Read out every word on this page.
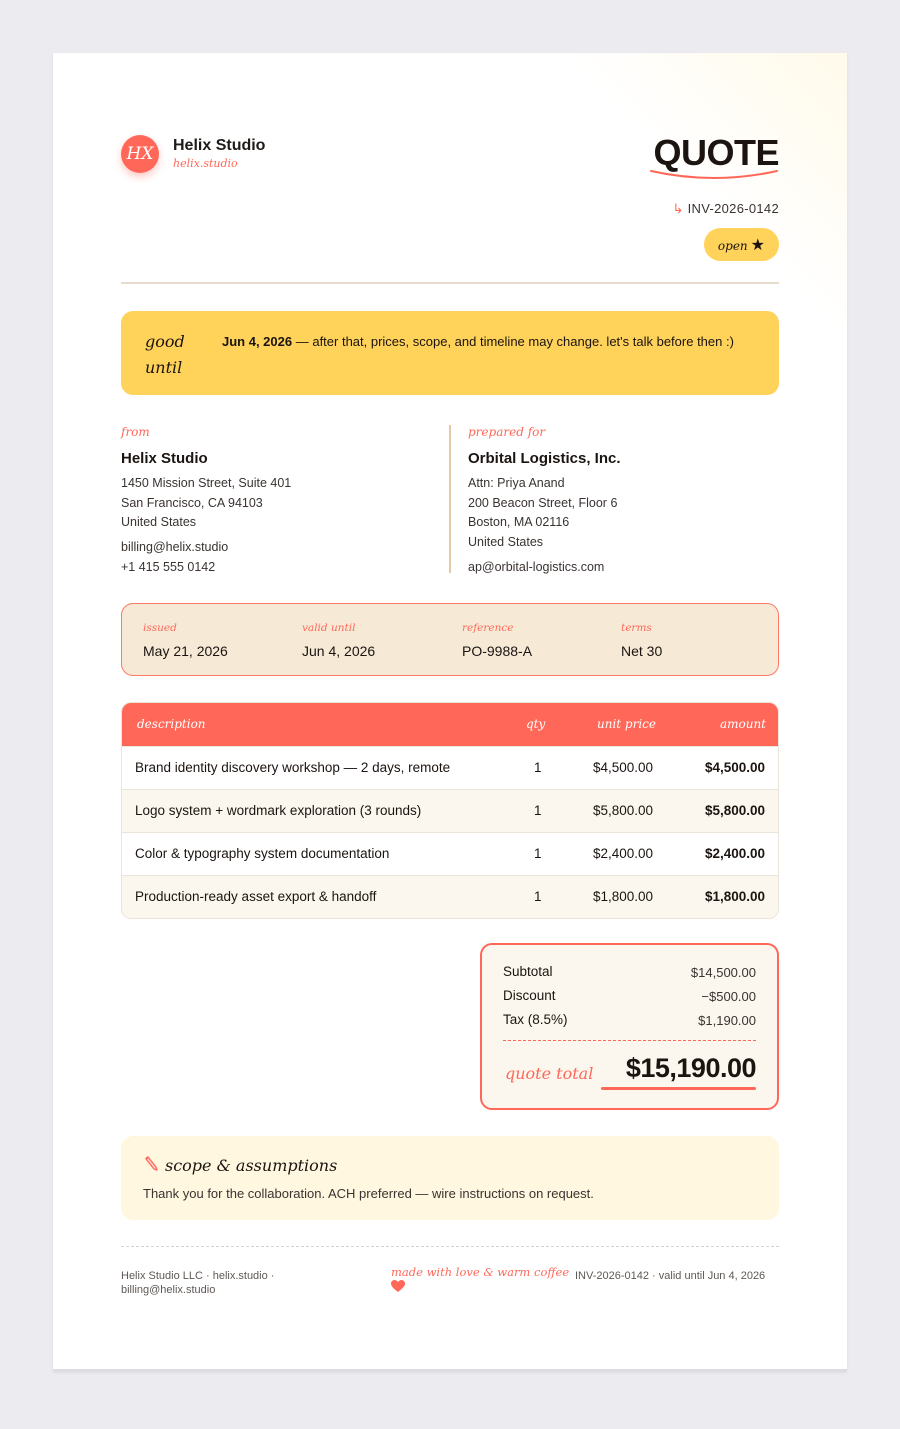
HX	Helix Studio
helix.studio	QUOTE
↳ INV-2026-0142
open ★
good
until
Jun 4, 2026 — after that, prices, scope, and timeline may change. let's talk before then :)
from
Helix Studio
1450 Mission Street, Suite 401
San Francisco, CA 94103
United States
billing@helix.studio
+1 415 555 0142
prepared for
Orbital Logistics, Inc.
Attn: Priya Anand
200 Beacon Street, Floor 6
Boston, MA 02116
United States
ap@orbital-logistics.com
issued
May 21, 2026
valid until
Jun 4, 2026
reference
PO-9988-A
terms
Net 30
description	qty	unit price	amount
Brand identity discovery workshop — 2 days, remote	1	$4,500.00	$4,500.00
Logo system + wordmark exploration (3 rounds)	1	$5,800.00	$5,800.00
Color & typography system documentation	1	$2,400.00	$2,400.00
Production-ready asset export & handoff	1	$1,800.00	$1,800.00
Subtotal	$14,500.00
Discount	−$500.00
Tax (8.5%)	$1,190.00
quote total $15,190.00
scope & assumptions
Thank you for the collaboration. ACH preferred — wire instructions on request.
Helix Studio LLC · helix.studio · billing@helix.studio
made with love & warm coffee INV-2026-0142 · valid until Jun 4, 2026
